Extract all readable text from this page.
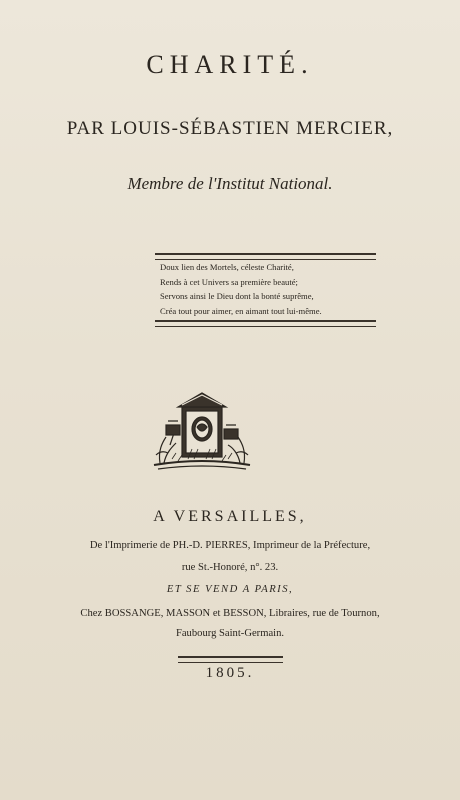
CHARITÉ.
PAR LOUIS-SÉBASTIEN MERCIER,
Membre de l'Institut National.
Doux lien des Mortels, céleste Charité,
Rends à cet Univers sa première beauté;
Servons ainsi le Dieu dont la bonté suprême,
Créa tout pour aimer, en aimant tout lui-même.
A VERSAILLES,
De l'Imprimerie de PH.-D. PIERRES, Imprimeur de la Préfecture,
rue St.-Honoré, n°. 23.
ET SE VEND A PARIS,
Chez BOSSANGE, MASSON et BESSON, Libraires, rue de Tournon,
Faubourg Saint-Germain.
1805.
